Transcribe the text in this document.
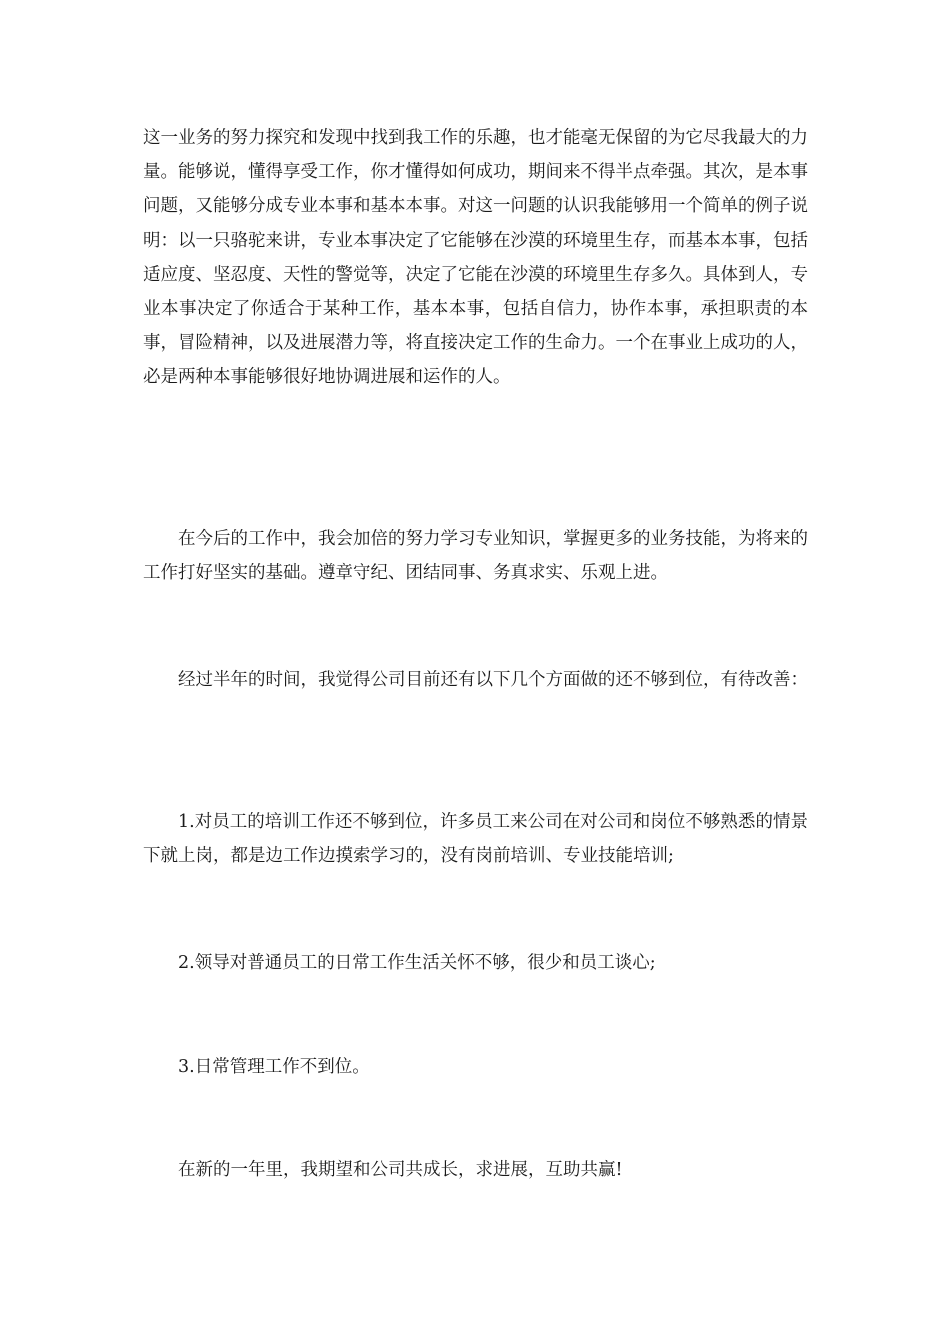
这一业务的努力探究和发现中找到我工作的乐趣，也才能毫无保留的为它尽我最大的力量。能够说，懂得享受工作，你才懂得如何成功，期间来不得半点牵强。其次，是本事问题，又能够分成专业本事和基本本事。对这一问题的认识我能够用一个简单的例子说明：以一只骆驼来讲，专业本事决定了它能够在沙漠的环境里生存，而基本本事，包括适应度、坚忍度、天性的警觉等，决定了它能在沙漠的环境里生存多久。具体到人，专业本事决定了你适合于某种工作，基本本事，包括自信力，协作本事，承担职责的本事，冒险精神，以及进展潜力等，将直接决定工作的生命力。一个在事业上成功的人，必是两种本事能够很好地协调进展和运作的人。

在今后的工作中，我会加倍的努力学习专业知识，掌握更多的业务技能，为将来的工作打好坚实的基础。遵章守纪、团结同事、务真求实、乐观上进。

经过半年的时间，我觉得公司目前还有以下几个方面做的还不够到位，有待改善：

1.对员工的培训工作还不够到位，许多员工来公司在对公司和岗位不够熟悉的情景下就上岗，都是边工作边摸索学习的，没有岗前培训、专业技能培训;

2.领导对普通员工的日常工作生活关怀不够，很少和员工谈心;

3.日常管理工作不到位。

在新的一年里，我期望和公司共成长，求进展，互助共赢!
